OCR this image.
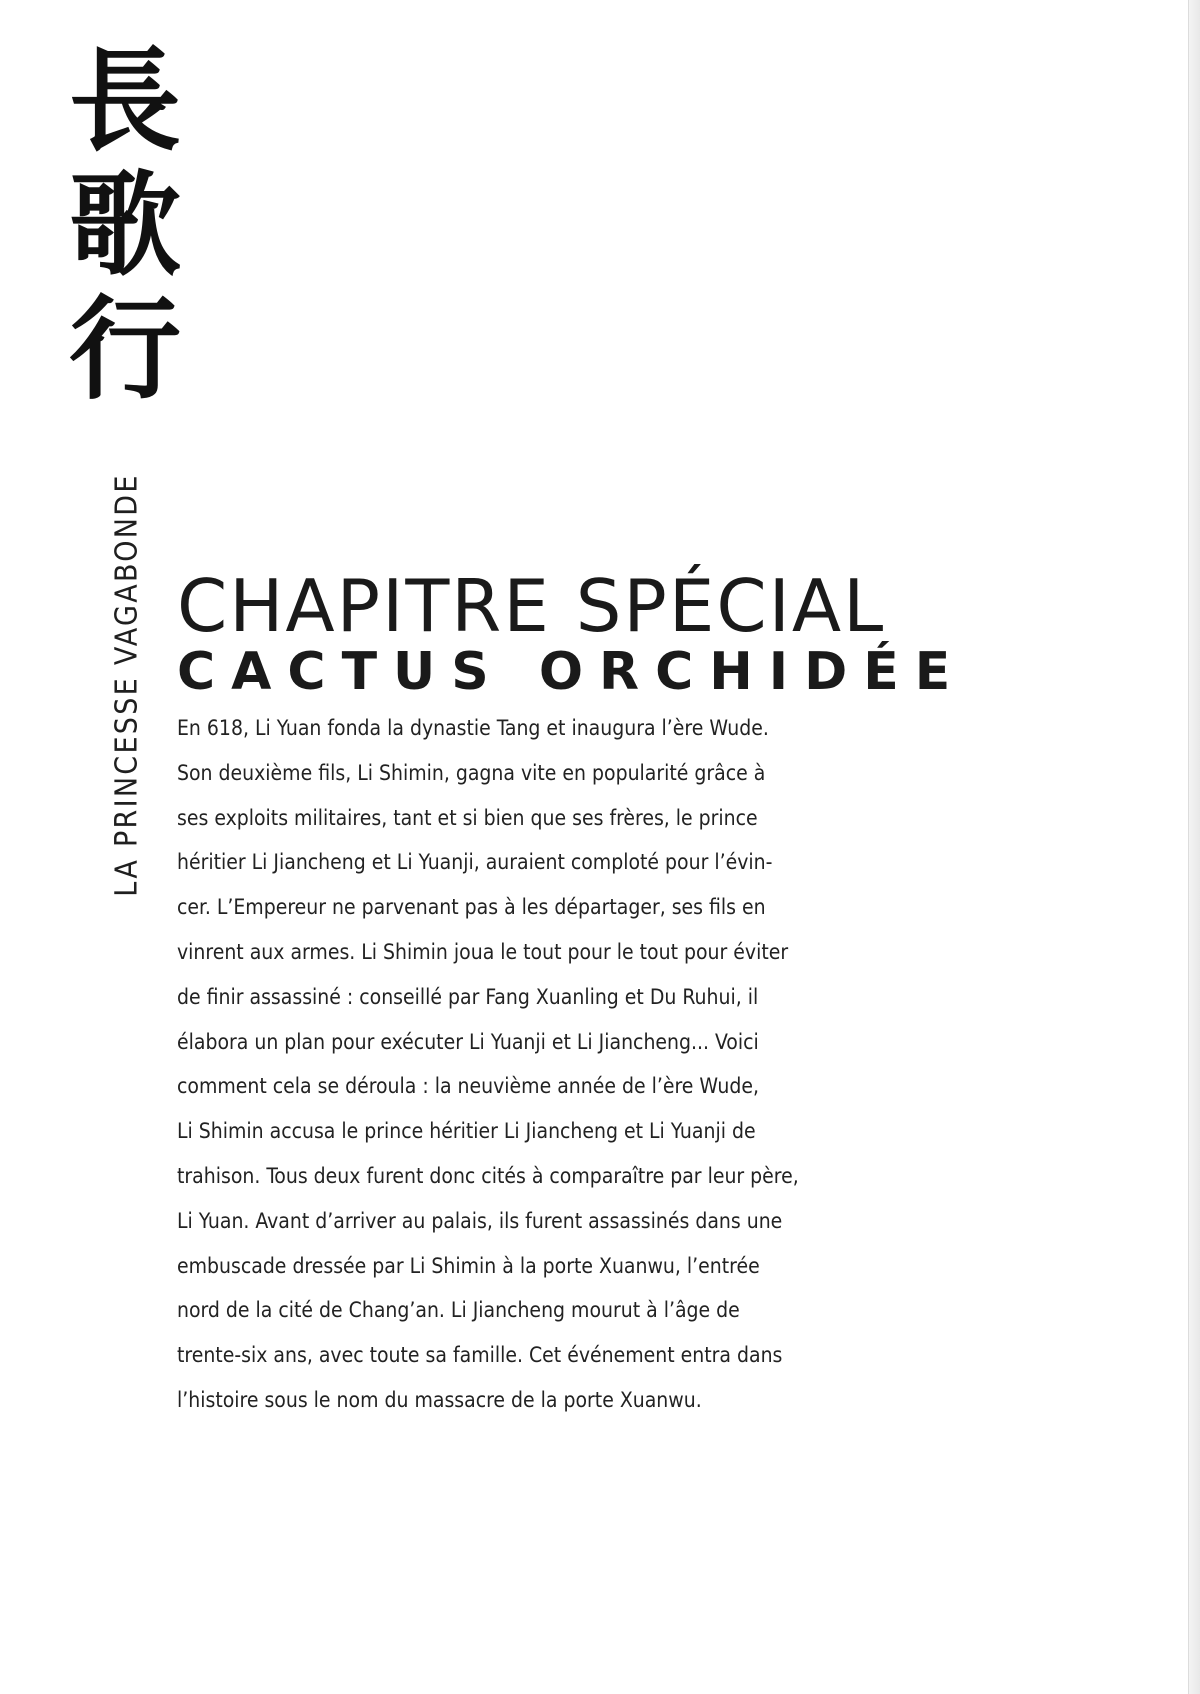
長
歌
行
LA PRINCESSE VAGABONDE CHAPITRE SPÉCIAL
CACTUS ORCHIDÉE
En 618, Li Yuan fonda la dynastie Tang et inaugura l’ère Wude.
Son deuxième fils, Li Shimin, gagna vite en popularité grâce à
ses exploits militaires, tant et si bien que ses frères, le prince
héritier Li Jiancheng et Li Yuanji, auraient comploté pour l’évin-
cer. L’Empereur ne parvenant pas à les départager, ses fils en
vinrent aux armes. Li Shimin joua le tout pour le tout pour éviter
de finir assassiné : conseillé par Fang Xuanling et Du Ruhui, il
élabora un plan pour exécuter Li Yuanji et Li Jiancheng... Voici
comment cela se déroula : la neuvième année de l’ère Wude,
Li Shimin accusa le prince héritier Li Jiancheng et Li Yuanji de
trahison. Tous deux furent donc cités à comparaître par leur père,
Li Yuan. Avant d’arriver au palais, ils furent assassinés dans une
embuscade dressée par Li Shimin à la porte Xuanwu, l’entrée
nord de la cité de Chang’an. Li Jiancheng mourut à l’âge de
trente-six ans, avec toute sa famille. Cet événement entra dans
l’histoire sous le nom du massacre de la porte Xuanwu.
